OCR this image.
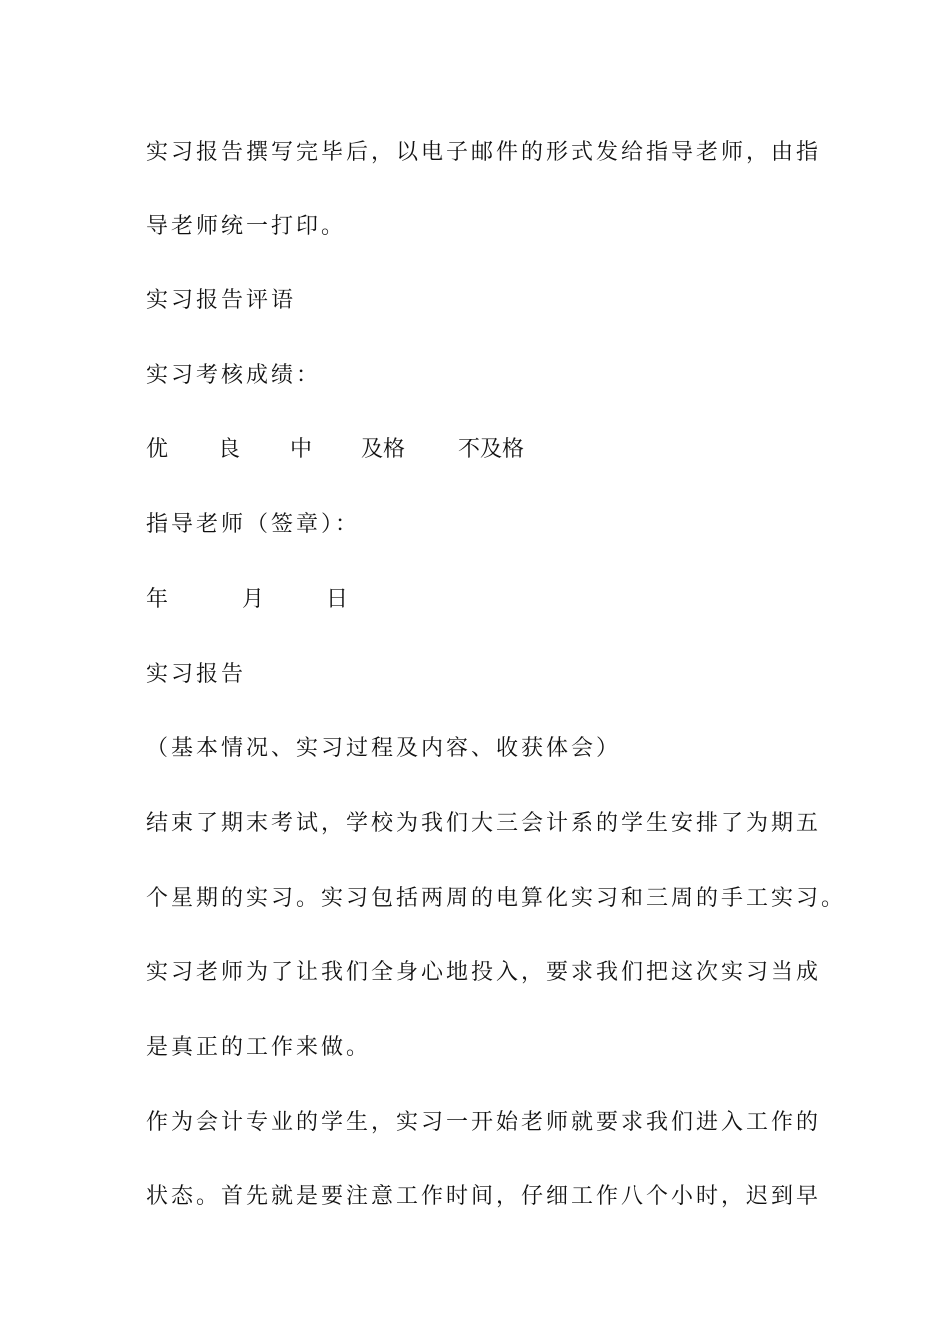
实习报告撰写完毕后，以电子邮件的形式发给指导老师，由指
导老师统一打印。
实习报告评语
实习考核成绩：
优 良 中 及格 不及格
指导老师（签章）：
年	月	日
实习报告
（基本情况、实习过程及内容、收获体会）
结束了期末考试，学校为我们大三会计系的学生安排了为期五
个星期的实习。实习包括两周的电算化实习和三周的手工实习。
实习老师为了让我们全身心地投入，要求我们把这次实习当成
是真正的工作来做。
作为会计专业的学生，实习一开始老师就要求我们进入工作的
状态。首先就是要注意工作时间，仔细工作八个小时，迟到早
